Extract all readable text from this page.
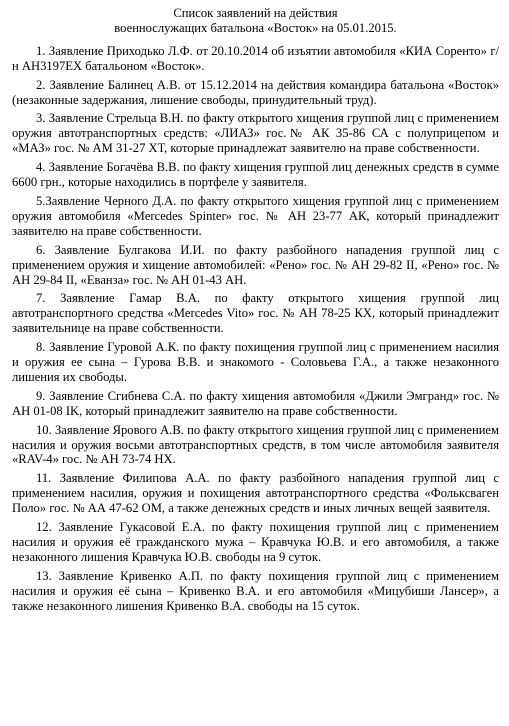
Список заявлений на действия
военнослужащих батальона «Восток» на 05.01.2015.

1. Заявление Приходько Л.Ф. от 20.10.2014 об изъятии автомобиля «КИА Соренто» г/н АН3197ЕХ батальоном «Восток».

2. Заявление Балинец А.В. от 15.12.2014 на действия командира батальона «Восток» (незаконные задержания, лишение свободы, принудительный труд).

3. Заявление Стрельца В.Н. по факту открытого хищения группой лиц с применением оружия автотранспортных средств: «ЛИАЗ» гос.№ АК 35-86 СА с полуприцепом и «МАЗ» гос. № АМ 31-27 ХТ, которые принадлежат заявителю на праве собственности.

4. Заявление Богачёва В.В. по факту хищения группой лиц денежных средств в сумме 6600 грн., которые находились в портфеле у заявителя.

5.Заявление Черного Д.А. по факту открытого хищения группой лиц с применением оружия автомобиля «Mercedes Spinter» гос. № АН 23-77 АК, который принадлежит заявителю на праве собственности.

6. Заявление Булгакова И.И. по факту разбойного нападения группой лиц с применением оружия и хищение автомобилей: «Рено» гос. № АН 29-82 II, «Рено» гос. № АН 29-84 II, «Еванза» гос. № АН 01-43 АН.

7. Заявление Гамар В.А. по факту открытого хищения группой лиц автотранспортного средства «Mercedes Vito» гос. № АН 78-25 КХ, который принадлежит заявительнице на праве собственности.

8. Заявление Гуровой А.К. по факту похищения группой лиц с применением насилия и оружия ее сына – Гурова В.В. и знакомого - Соловьева Г.А., а также незаконного лишения их свободы.

9. Заявление Сгибнева С.А. по факту хищения автомобиля «Джили Эмгранд» гос. № АН 01-08 IK, который принадлежит заявителю на праве собственности.

10. Заявление Ярового А.В. по факту открытого хищения группой лиц с применением насилия и оружия восьми автотранспортных средств, в том числе автомобиля заявителя «RAV-4» гос. № АН 73-74 НХ.

11. Заявление Филипова А.А. по факту разбойного нападения группой лиц с применением насилия, оружия и похищения автотранспортного средства «Фольксваген Поло» гос. № АА 47-62 ОМ, а также денежных средств и иных личных вещей заявителя.

12. Заявление Гукасовой Е.А. по факту похищения группой лиц с применением насилия и оружия её гражданского мужа – Кравчука Ю.В. и его автомобиля, а также незаконного лишения Кравчука Ю.В. свободы на 9 суток.

13. Заявление Кривенко А.П. по факту похищения группой лиц с применением насилия и оружия её сына – Кривенко В.А. и его автомобиля «Мицубиши Лансер», а также незаконного лишения Кривенко В.А. свободы на 15 суток.
